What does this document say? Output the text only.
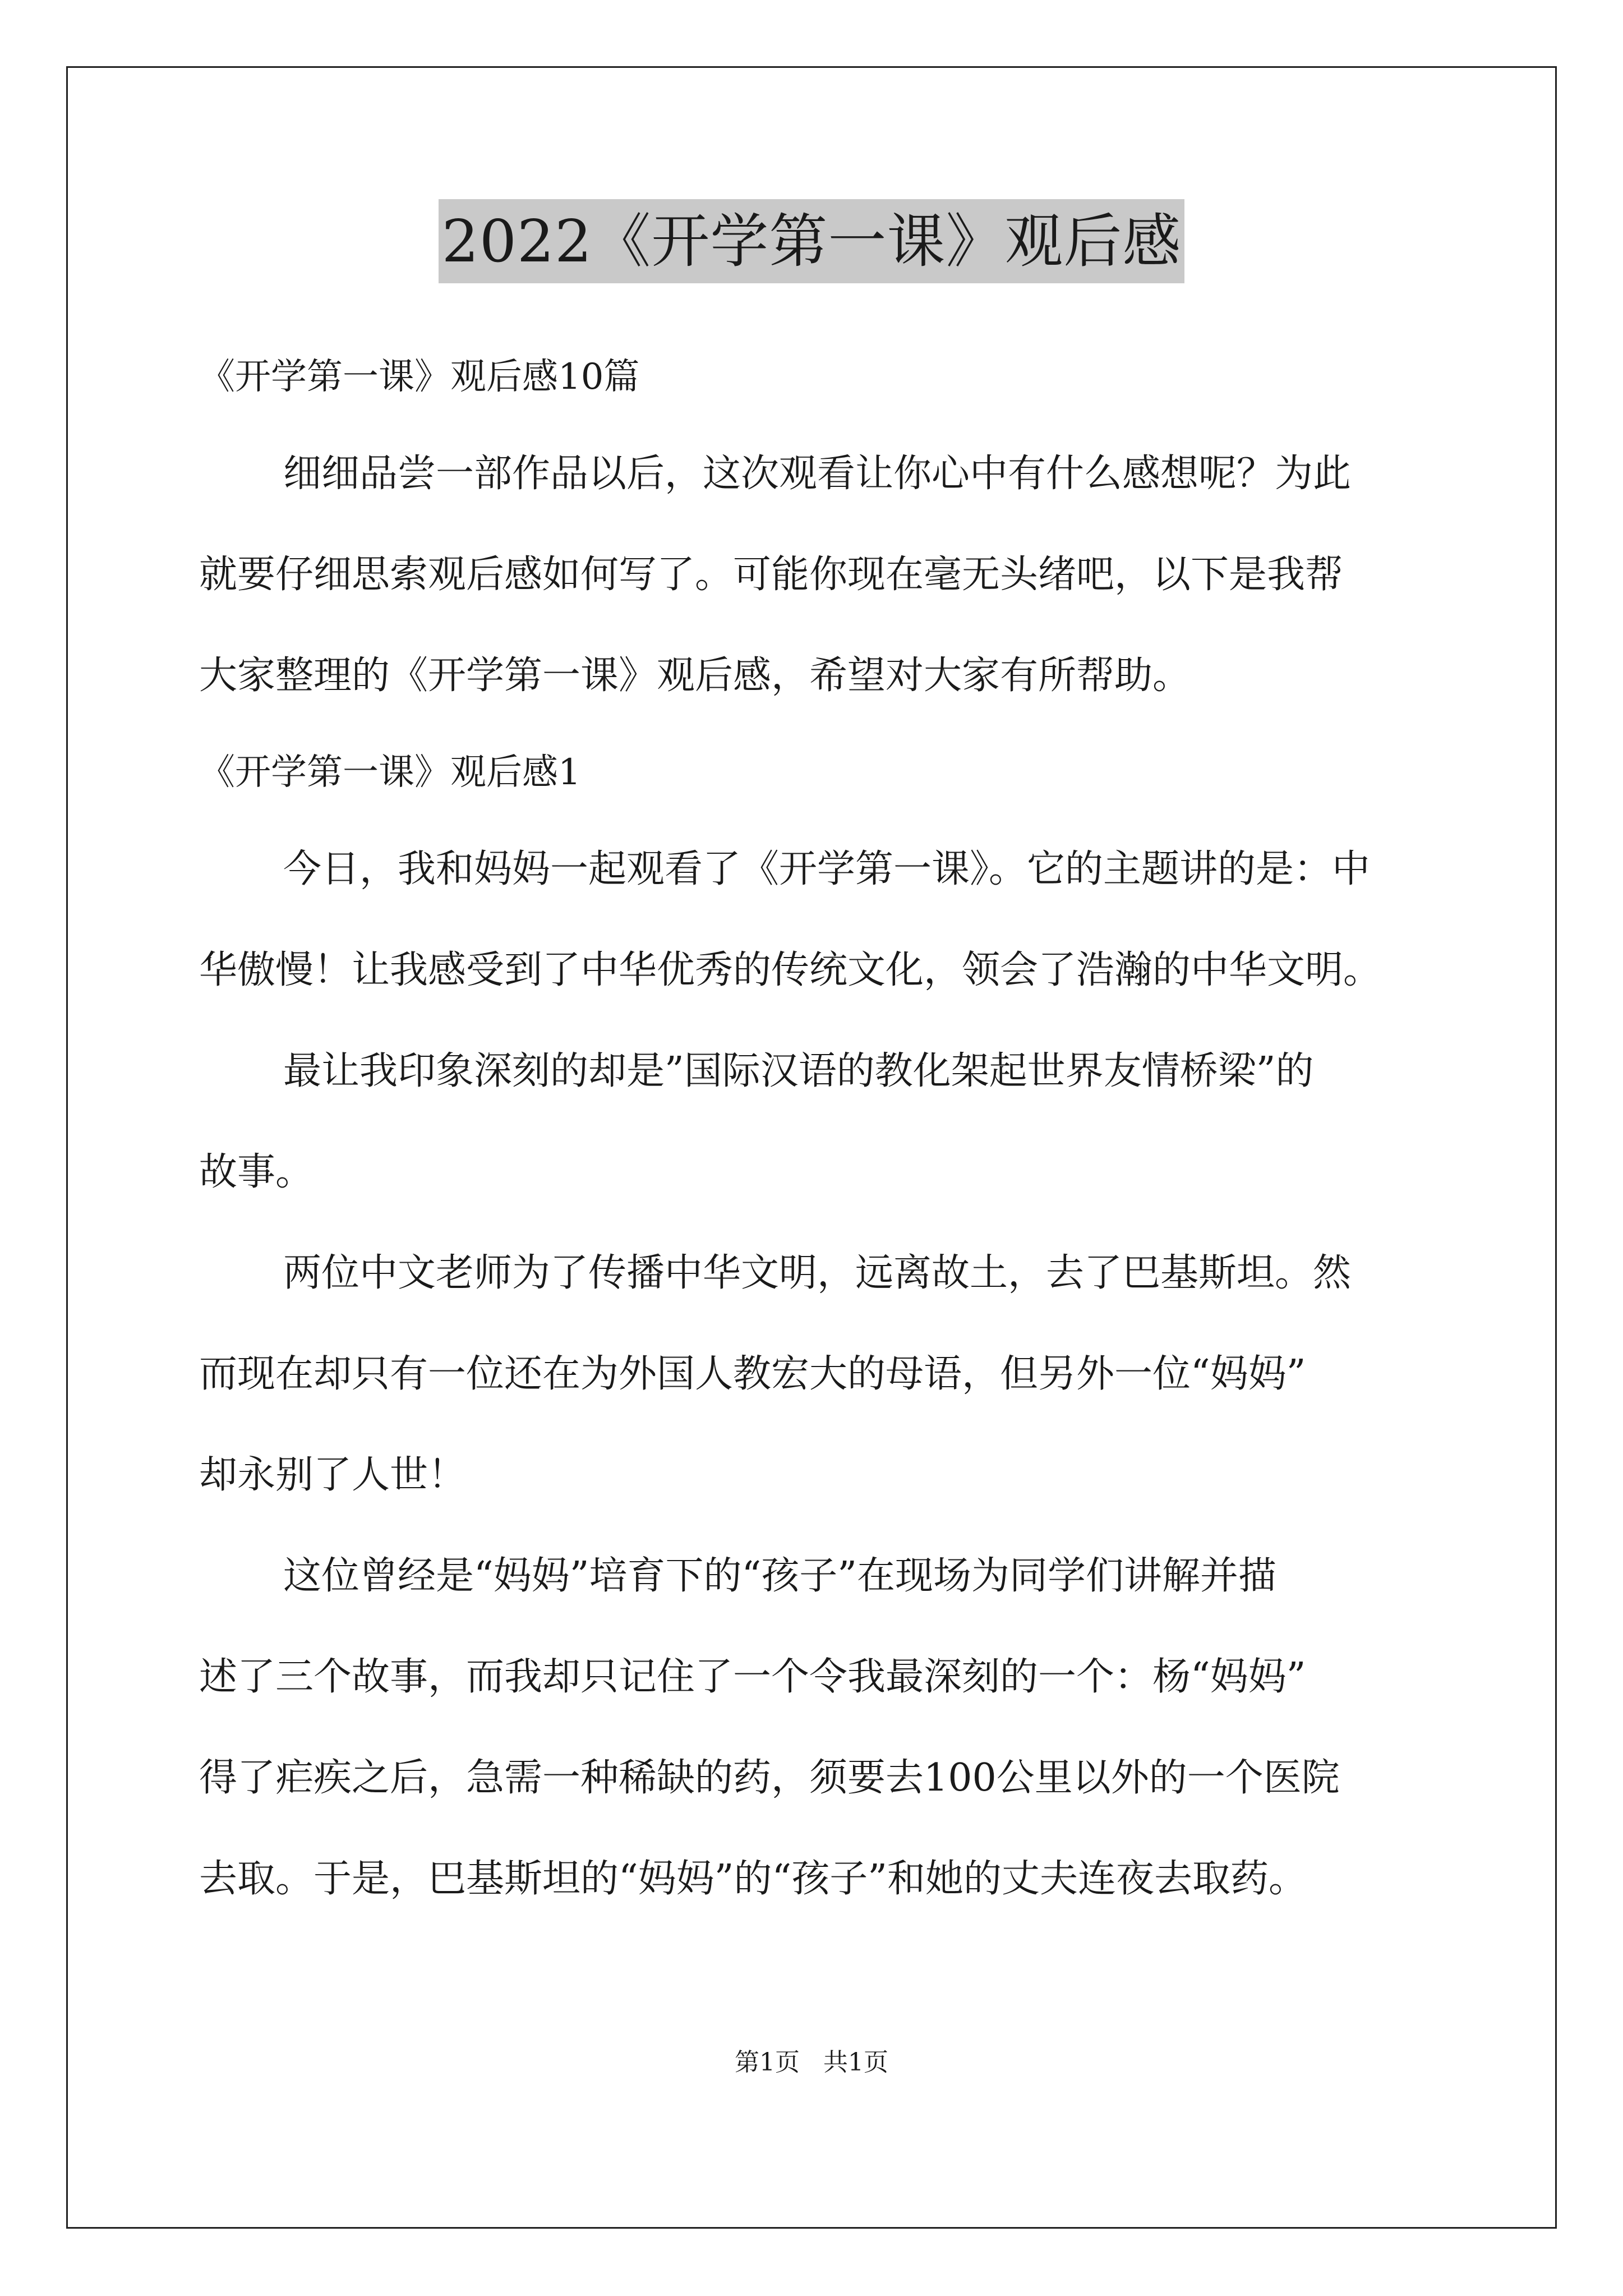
2022《开学第一课》观后感
《开学第一课》观后感10篇
细细品尝一部作品以后，这次观看让你心中有什么感想呢？为此
就要仔细思索观后感如何写了。可能你现在毫无头绪吧，以下是我帮
大家整理的《开学第一课》观后感，希望对大家有所帮助。
《开学第一课》观后感1
今日，我和妈妈一起观看了《开学第一课》。它的主题讲的是：中
华傲慢！让我感受到了中华优秀的传统文化，领会了浩瀚的中华文明。
最让我印象深刻的却是”国际汉语的教化架起世界友情桥梁”的
故事。
两位中文老师为了传播中华文明，远离故土，去了巴基斯坦。然
而现在却只有一位还在为外国人教宏大的母语，但另外一位“妈妈”
却永别了人世！
这位曾经是“妈妈”培育下的“孩子”在现场为同学们讲解并描
述了三个故事，而我却只记住了一个令我最深刻的一个：杨“妈妈”
得了疟疾之后，急需一种稀缺的药，须要去100公里以外的一个医院
去取。于是，巴基斯坦的“妈妈”的“孩子”和她的丈夫连夜去取药。
第1页   共1页
